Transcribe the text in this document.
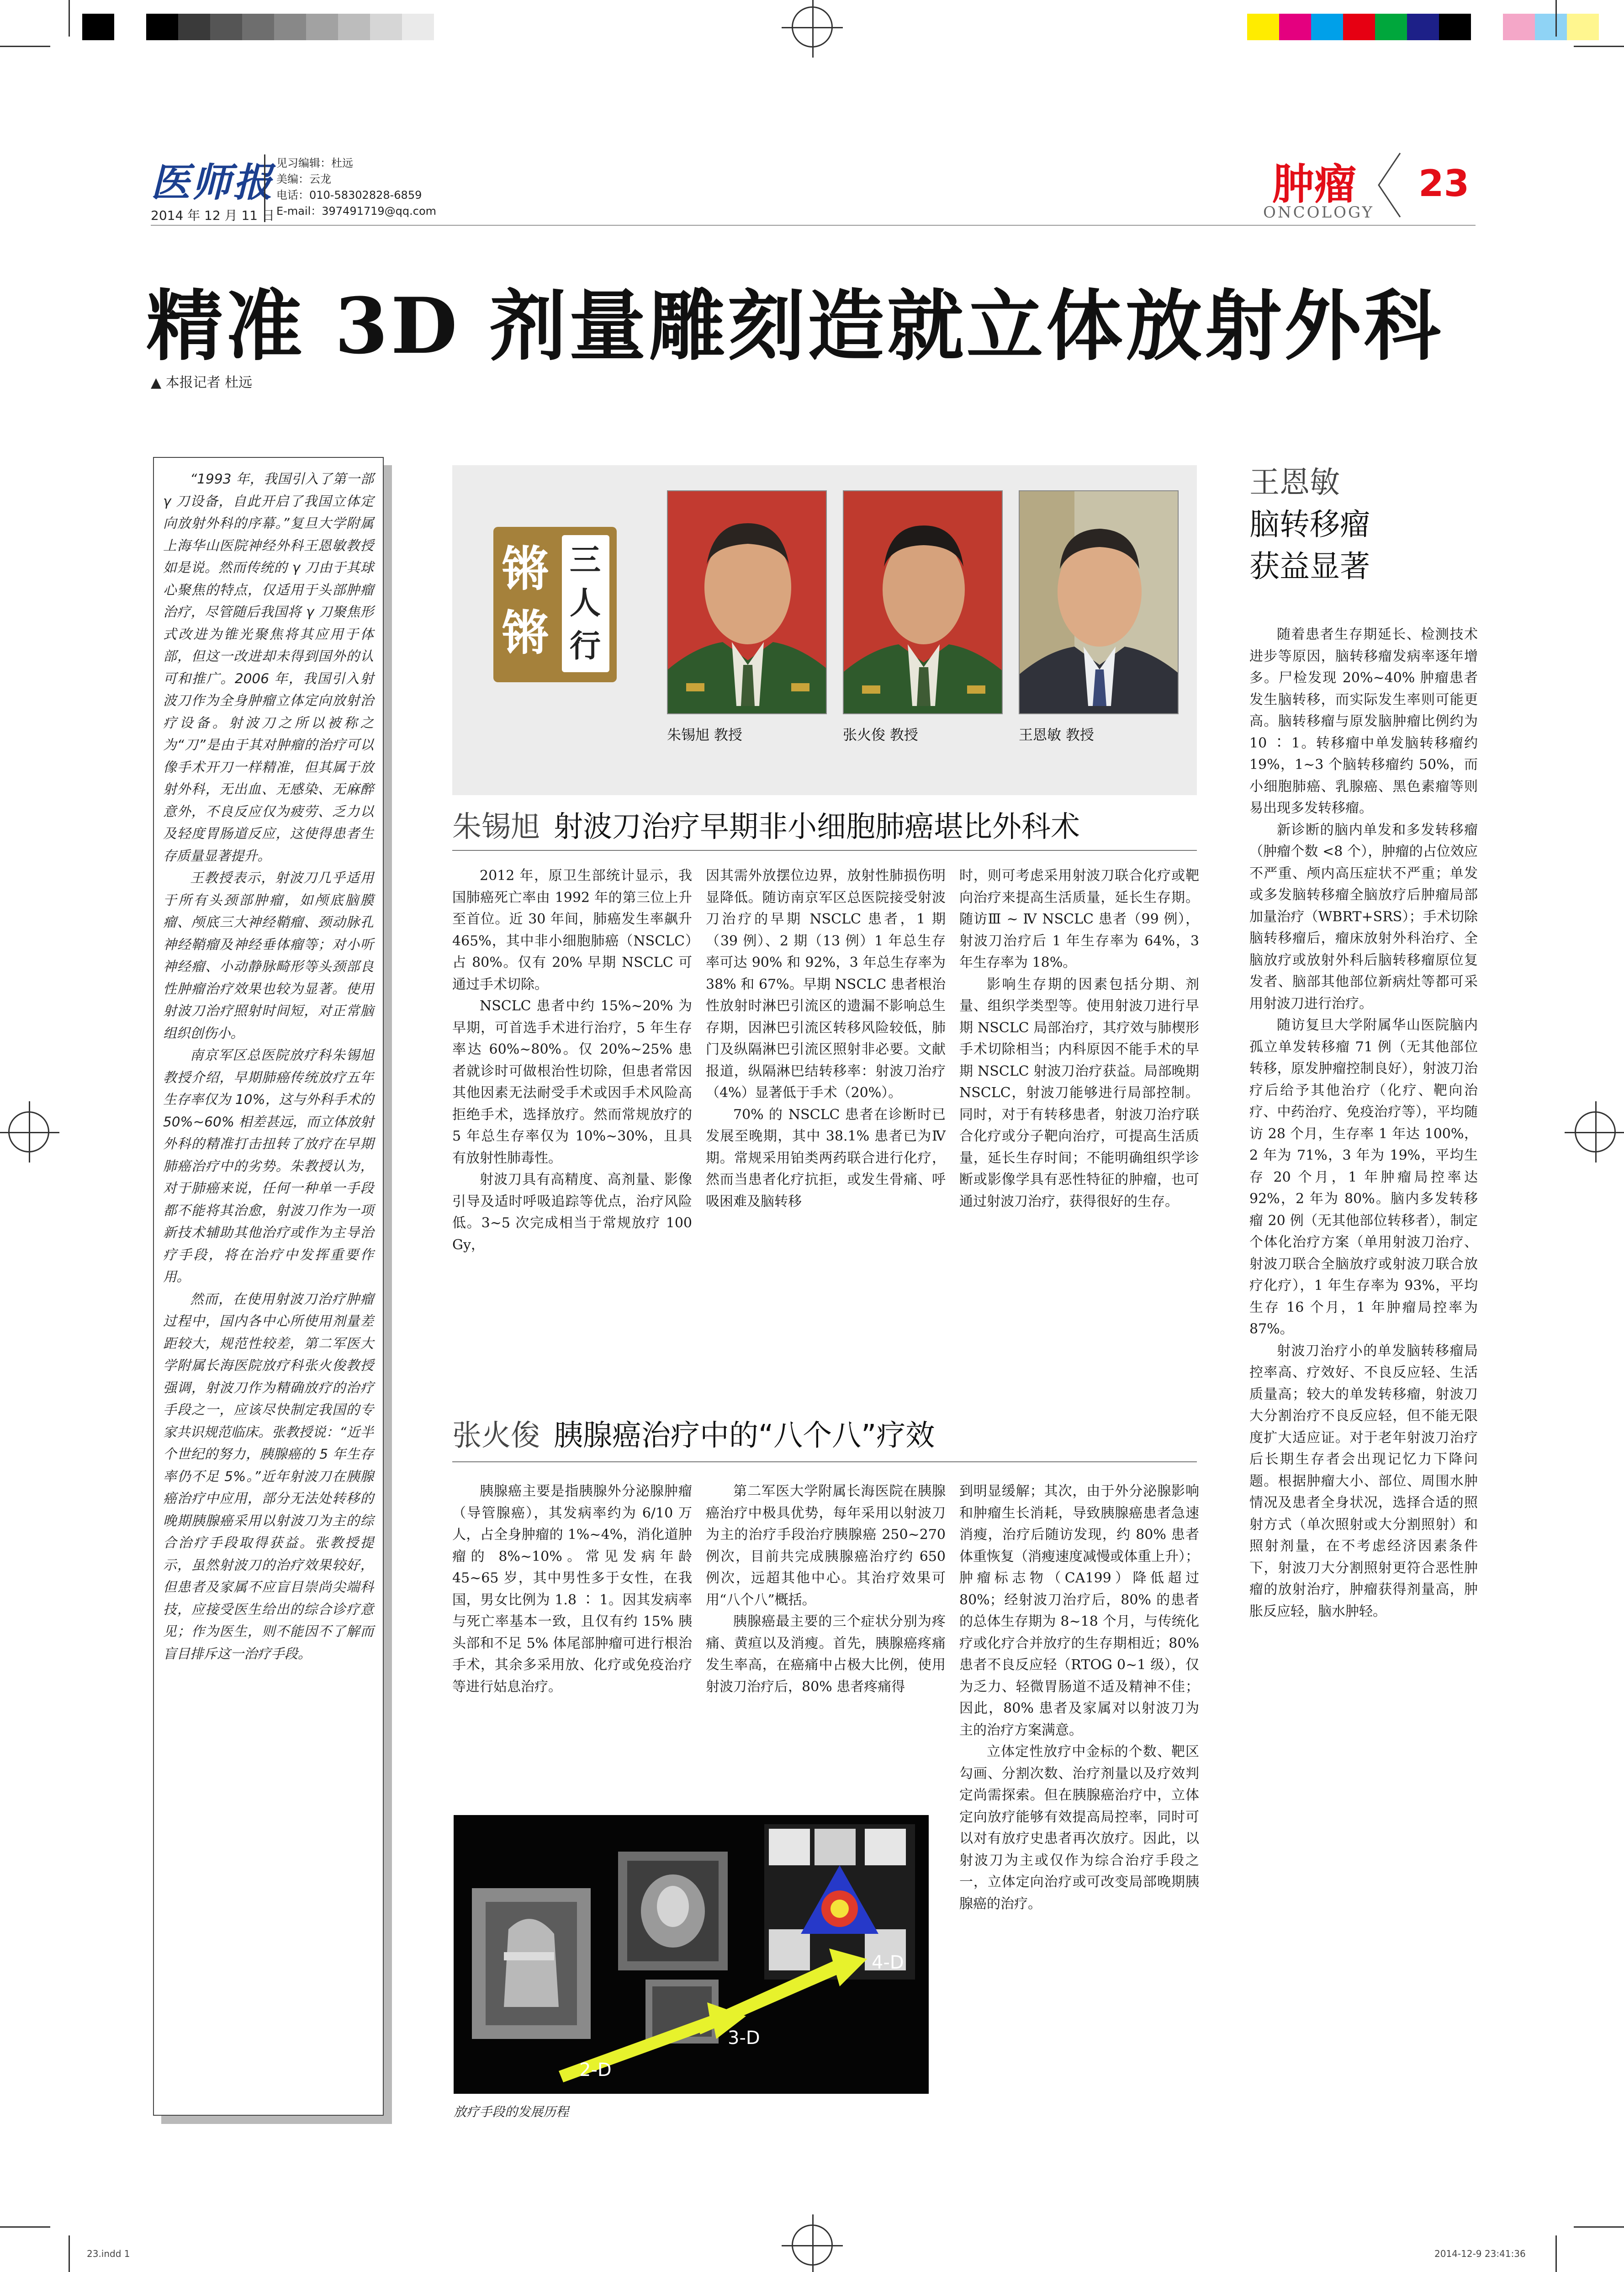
医师报
2014 年 12 月 11 日
见习编辑：杜远
美编：云龙
电话：010-58302828-6859
E-mail：397491719@qq.com
肿瘤
ONCOLOGY
23
精准 3D 剂量雕刻造就立体放射外科
▲ 本报记者 杜远

“1993 年，我国引入了第一部 γ 刀设备，自此开启了我国立体定向放射外科的序幕。”复旦大学附属上海华山医院神经外科王恩敏教授如是说。然而传统的 γ 刀由于其球心聚焦的特点，仅适用于头部肿瘤治疗，尽管随后我国将 γ 刀聚焦形式改进为锥光聚焦将其应用于体部，但这一改进却未得到国外的认可和推广。2006 年，我国引入射波刀作为全身肿瘤立体定向放射治疗设备。射波刀之所以被称之为“刀”是由于其对肿瘤的治疗可以像手术开刀一样精准，但其属于放射外科，无出血、无感染、无麻醉意外，不良反应仅为疲劳、乏力以及轻度胃肠道反应，这使得患者生存质量显著提升。

王教授表示，射波刀几乎适用于所有头颈部肿瘤，如颅底脑膜瘤、颅底三大神经鞘瘤、颈动脉孔神经鞘瘤及神经垂体瘤等；对小听神经瘤、小动静脉畸形等头颈部良性肿瘤治疗效果也较为显著。使用射波刀治疗照射时间短，对正常脑组织创伤小。

南京军区总医院放疗科朱锡旭教授介绍，早期肺癌传统放疗五年生存率仅为 10%，这与外科手术的 50%~60% 相差甚远，而立体放射外科的精准打击扭转了放疗在早期肺癌治疗中的劣势。朱教授认为，对于肺癌来说，任何一种单一手段都不能将其治愈，射波刀作为一项新技术辅助其他治疗或作为主导治疗手段，将在治疗中发挥重要作用。

然而，在使用射波刀治疗肿瘤过程中，国内各中心所使用剂量差距较大，规范性较差，第二军医大学附属长海医院放疗科张火俊教授强调，射波刀作为精确放疗的治疗手段之一，应该尽快制定我国的专家共识规范临床。张教授说：“近半个世纪的努力，胰腺癌的 5 年生存率仍不足 5%。”近年射波刀在胰腺癌治疗中应用，部分无法处转移的晚期胰腺癌采用以射波刀为主的综合治疗手段取得获益。张教授提示，虽然射波刀的治疗效果较好，但患者及家属不应盲目崇尚尖端科技，应接受医生给出的综合诊疗意见；作为医生，则不能因不了解而盲目排斥这一治疗手段。

锵锵
三人行
朱锡旭 教授	张火俊 教授	王恩敏 教授
王恩敏
脑转移瘤
获益显著
朱锡旭 射波刀治疗早期非小细胞肺癌堪比外科术

2012 年，原卫生部统计显示，我国肺癌死亡率由 1992 年的第三位上升至首位。近 30 年间，肺癌发生率飙升 465%，其中非小细胞肺癌（NSCLC）占 80%。仅有 20% 早期 NSCLC 可通过手术切除。

NSCLC 患者中约 15%~20% 为早期，可首选手术进行治疗，5 年生存率达 60%~80%。仅 20%~25% 患者就诊时可做根治性切除，但患者常因其他因素无法耐受手术或因手术风险高拒绝手术，选择放疗。然而常规放疗的 5 年总生存率仅为 10%~30%，且具有放射性肺毒性。

射波刀具有高精度、高剂量、影像引导及适时呼吸追踪等优点，治疗风险低。3~5 次完成相当于常规放疗 100 Gy，

因其需外放摆位边界，放射性肺损伤明显降低。随访南京军区总医院接受射波刀治疗的早期 NSCLC 患者，1 期（39 例）、2 期（13 例）1 年总生存率可达 90% 和 92%，3 年总生存率为 38% 和 67%。早期 NSCLC 患者根治性放射时淋巴引流区的遗漏不影响总生存期，因淋巴引流区转移风险较低，肺门及纵隔淋巴引流区照射非必要。文献报道，纵隔淋巴结转移率：射波刀治疗（4%）显著低于手术（20%）。

70% 的 NSCLC 患者在诊断时已发展至晚期，其中 38.1% 患者已为Ⅳ期。常规采用铂类两药联合进行化疗，然而当患者化疗抗拒，或发生骨痛、呼吸困难及脑转移

时，则可考虑采用射波刀联合化疗或靶向治疗来提高生活质量，延长生存期。随访Ⅲ ~ Ⅳ NSCLC 患者（99 例），射波刀治疗后 1 年生存率为 64%，3 年生存率为 18%。

影响生存期的因素包括分期、剂量、组织学类型等。使用射波刀进行早期 NSCLC 局部治疗，其疗效与肺楔形手术切除相当；内科原因不能手术的早期 NSCLC 射波刀治疗获益。局部晚期 NSCLC，射波刀能够进行局部控制。同时，对于有转移患者，射波刀治疗联合化疗或分子靶向治疗，可提高生活质量，延长生存时间；不能明确组织学诊断或影像学具有恶性特征的肿瘤，也可通过射波刀治疗，获得很好的生存。

张火俊 胰腺癌治疗中的“八个八”疗效

胰腺癌主要是指胰腺外分泌腺肿瘤（导管腺癌），其发病率约为 6/10 万人，占全身肿瘤的 1%~4%，消化道肿瘤的 8%~10%。常见发病年龄 45~65 岁，其中男性多于女性，在我国，男女比例为 1.8 ∶ 1。因其发病率与死亡率基本一致，且仅有约 15% 胰头部和不足 5% 体尾部肿瘤可进行根治手术，其余多采用放、化疗或免疫治疗等进行姑息治疗。

第二军医大学附属长海医院在胰腺癌治疗中极具优势，每年采用以射波刀为主的治疗手段治疗胰腺癌 250~270 例次，目前共完成胰腺癌治疗约 650 例次，远超其他中心。其治疗效果可用“八个八”概括。

胰腺癌最主要的三个症状分别为疼痛、黄疸以及消瘦。首先，胰腺癌疼痛发生率高，在癌痛中占极大比例，使用射波刀治疗后，80% 患者疼痛得

到明显缓解；其次，由于外分泌腺影响和肿瘤生长消耗，导致胰腺癌患者急速消瘦，治疗后随访发现，约 80% 患者体重恢复（消瘦速度减慢或体重上升）；肿瘤标志物（CA199）降低超过 80%；经射波刀治疗后，80% 的患者的总体生存期为 8~18 个月，与传统化疗或化疗合并放疗的生存期相近；80% 患者不良反应轻（RTOG 0~1 级），仅为乏力、轻微胃肠道不适及精神不佳；因此，80% 患者及家属对以射波刀为主的治疗方案满意。

立体定性放疗中金标的个数、靶区勾画、分割次数、治疗剂量以及疗效判定尚需探索。但在胰腺癌治疗中，立体定向放疗能够有效提高局控率，同时可以对有放疗史患者再次放疗。因此，以射波刀为主或仅作为综合治疗手段之一，立体定向治疗或可改变局部晚期胰腺癌的治疗。

2-D
3-D
4-D
放疗手段的发展历程

随着患者生存期延长、检测技术进步等原因，脑转移瘤发病率逐年增多。尸检发现 20%~40% 肿瘤患者发生脑转移，而实际发生率则可能更高。脑转移瘤与原发脑肿瘤比例约为 10 ∶ 1。转移瘤中单发脑转移瘤约 19%，1~3 个脑转移瘤约 50%，而小细胞肺癌、乳腺癌、黑色素瘤等则易出现多发转移瘤。

新诊断的脑内单发和多发转移瘤（肿瘤个数 <8 个），肿瘤的占位效应不严重、颅内高压症状不严重；单发或多发脑转移瘤全脑放疗后肿瘤局部加量治疗（WBRT+SRS）；手术切除脑转移瘤后，瘤床放射外科治疗、全脑放疗或放射外科后脑转移瘤原位复发者、脑部其他部位新病灶等都可采用射波刀进行治疗。

随访复旦大学附属华山医院脑内孤立单发转移瘤 71 例（无其他部位转移，原发肿瘤控制良好），射波刀治疗后给予其他治疗（化疗、靶向治疗、中药治疗、免疫治疗等），平均随访 28 个月，生存率 1 年达 100%，2 年为 71%，3 年为 19%，平均生存 20 个月，1 年肿瘤局控率达 92%，2 年为 80%。脑内多发转移瘤 20 例（无其他部位转移者），制定个体化治疗方案（单用射波刀治疗、射波刀联合全脑放疗或射波刀联合放疗化疗），1 年生存率为 93%，平均生存 16 个月，1 年肿瘤局控率为 87%。

射波刀治疗小的单发脑转移瘤局控率高、疗效好、不良反应轻、生活质量高；较大的单发转移瘤，射波刀大分割治疗不良反应轻，但不能无限度扩大适应证。对于老年射波刀治疗后长期生存者会出现记忆力下降问题。根据肿瘤大小、部位、周围水肿情况及患者全身状况，选择合适的照射方式（单次照射或大分割照射）和照射剂量，在不考虑经济因素条件下，射波刀大分割照射更符合恶性肿瘤的放射治疗，肿瘤获得剂量高，肿胀反应轻，脑水肿轻。

23.indd 1	2014-12-9 23:41:36
